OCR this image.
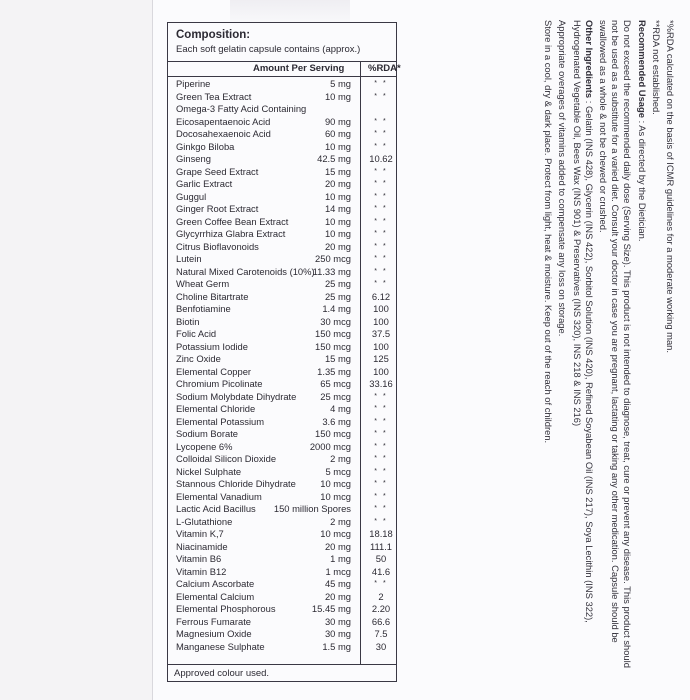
Composition:
Each soft gelatin capsule contains (approx.)
Amount Per Serving %RDA*
Piperine	5 mg	* *
Green Tea Extract	10 mg	* *
Omega-3 Fatty Acid Containing
Eicosapentaenoic Acid	90 mg	* *
Docosahexaenoic Acid	60 mg	* *
Ginkgo Biloba	10 mg	* *
Ginseng	42.5 mg 10.62
Grape Seed Extract	15 mg	* *
Garlic Extract	20 mg	* *
Guggul	10 mg	* *
Ginger Root Extract	14 mg	* *
Green Coffee Bean Extract	10 mg	* *
Glycyrrhiza Glabra Extract	10 mg	* *
Citrus Bioflavonoids	20 mg	* *
Lutein	250 mcg	* *
Natural Mixed Carotenoids (10%)
11.33 mg	* *
Wheat Germ	25 mg	* *
Choline Bitartrate	25 mg	6.12
Benfotiamine	1.4 mg	100
Biotin	30 mcg	100
Folic Acid	150 mcg	37.5
Potassium Iodide	150 mcg	100
Zinc Oxide	15 mg	125
Elemental Copper	1.35 mg	100
Chromium Picolinate	65 mcg 33.16
Sodium Molybdate Dihydrate	25 mcg	* *
Elemental Chloride	4 mg	* *
Elemental Potassium	3.6 mg	* *
Sodium Borate	150 mcg	* *
Lycopene 6%	2000 mcg	* *
Colloidal Silicon Dioxide	2 mg	* *
Nickel Sulphate	5 mcg	* *
Stannous Chloride Dihydrate	10 mcg	* *
Elemental Vanadium	10 mcg	* *
Lactic Acid Bacillus 150 million Spores	* *
L-Glutathione	2 mg	* *
Vitamin K,7	10 mcg 18.18
Niacinamide	20 mg 111.1
Vitamin B6	1 mg	50
Vitamin B12	1 mcg	41.6
Calcium Ascorbate	45 mg	* *
Elemental Calcium	20 mg	2
Elemental Phosphorous	15.45 mg	2.20
Ferrous Fumarate	30 mg	66.6
Magnesium Oxide	30 mg	7.5
Manganese Sulphate	1.5 mg	30
Approved colour used.

*%RDA calculated on the basis of ICMR guidelines for a moderate working man.

**RDA not established.

Recommended Usage : As directed by the Dietician.

Do not exceed the recommended daily dose (Serving Size). This product is not intended to diagnose, treat, cure or prevent any disease. This product should not be used as a substitute for a varied diet. Consult your doctor in case you are pregnant, lactating or taking any other medication. Capsule should be swallowed as a whole & not be chewed or crushed.

Other Ingredients : Gelatin (INS 428), Glycerin (INS 422), Sorbitol Solution (INS 420), Refined Soyabean Oil (INS 217), Soya Lecithin (INS 322), Hydrogenated Vegetable Oil, Bees Wax (INS 901) & Preservatives (INS 320), INS 218 & INS 216)

Appropriate overages of vitamins added to compensate any loss on storage.

Store in a cool, dry & dark place. Protect from light, heat & moisture. Keep out of the reach of children.
